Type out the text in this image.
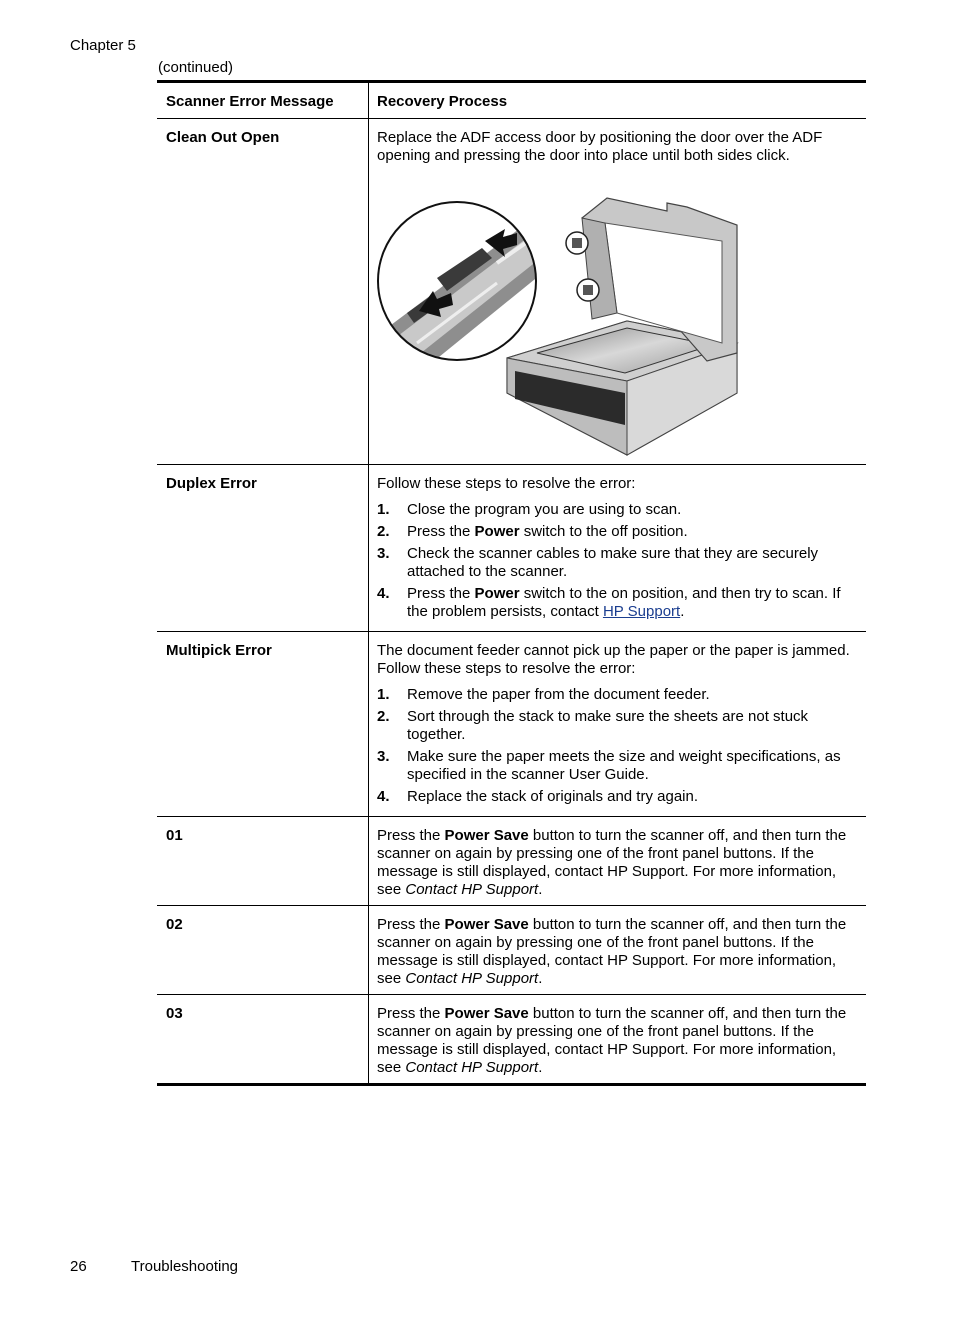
Chapter 5
(continued)
Scanner Error Message	Recovery Process
Clean Out Open	Replace the ADF access door by positioning the door over the ADF opening and pressing the door into place until both sides click.

Duplex Error	Follow these steps to resolve the error:

1.	Close the program you are using to scan.
2.	Press the Power switch to the off position.
3.	Check the scanner cables to make sure that they are securely attached to the scanner.
4.	Press the Power switch to the on position, and then try to scan. If the problem persists, contact HP Support.
Multipick Error	The document feeder cannot pick up the paper or the paper is jammed. Follow these steps to resolve the error:

1.	Remove the paper from the document feeder.
2.	Sort through the stack to make sure the sheets are not stuck together.
3.	Make sure the paper meets the size and weight specifications, as specified in the scanner User Guide.
4.	Replace the stack of originals and try again.
01	Press the Power Save button to turn the scanner off, and then turn the scanner on again by pressing one of the front panel buttons. If the message is still displayed, contact HP Support. For more information, see Contact HP Support.
02	Press the Power Save button to turn the scanner off, and then turn the scanner on again by pressing one of the front panel buttons. If the message is still displayed, contact HP Support. For more information, see Contact HP Support.
03	Press the Power Save button to turn the scanner off, and then turn the scanner on again by pressing one of the front panel buttons. If the message is still displayed, contact HP Support. For more information, see Contact HP Support.
26	Troubleshooting
